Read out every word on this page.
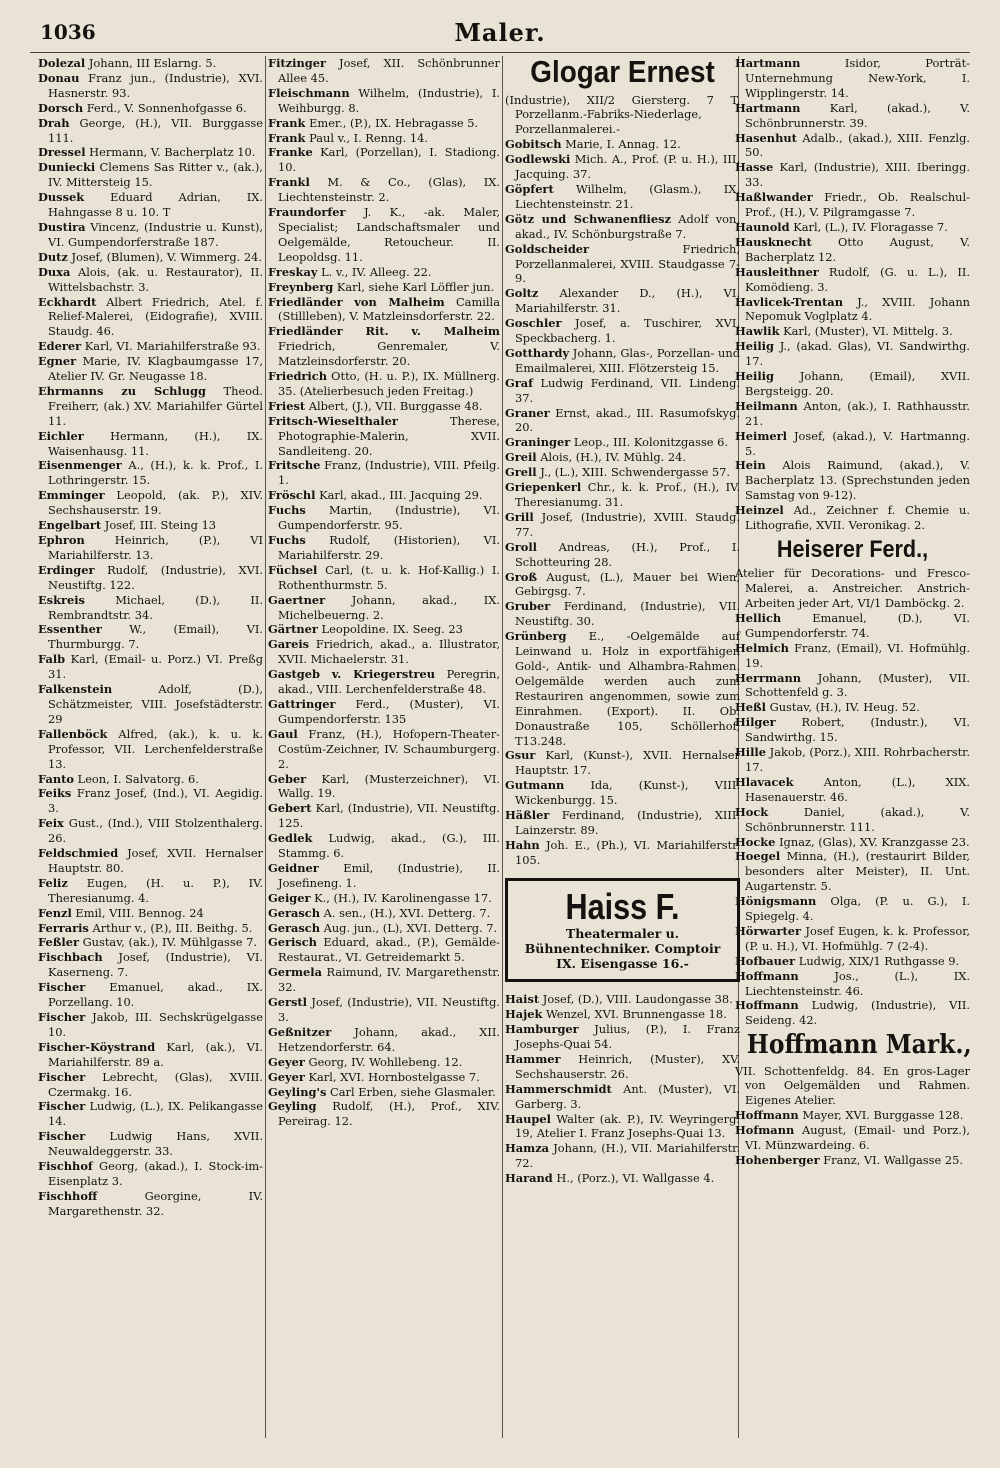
1036	Maler.
Dolezal Johann, III Eslarng. 5.
Donau Franz jun., (Industrie), XVI. Hasnerstr. 93.
Dorsch Ferd., V. Sonnenhofgasse 6.
Drah George, (H.), VII. Burggasse 111.
Dressel Hermann, V. Bacherplatz 10.
Duniecki Clemens Sas Ritter v., (ak.), IV. Mittersteig 15.
Dussek Eduard Adrian, IX. Hahngasse 8 u. 10. T
Dustira Vincenz, (Industrie u. Kunst), VI. Gumpendorferstraße 187.
Dutz Josef, (Blumen), V. Wimmerg. 24.
Duxa Alois, (ak. u. Restaurator), II. Wittelsbachstr. 3.
Eckhardt Albert Friedrich, Atel. f. Relief-Malerei, (Eidografie), XVIII. Staudg. 46.
Ederer Karl, VI. Mariahilferstraße 93.
Egner Marie, IV. Klagbaumgasse 17, Atelier IV. Gr. Neugasse 18.
Ehrmanns zu Schlugg Theod. Freiherr, (ak.) XV. Mariahilfer Gürtel 11.
Eichler Hermann, (H.), IX. Waisenhausg. 11.
Eisenmenger A., (H.), k. k. Prof., I. Lothringerstr. 15.
Emminger Leopold, (ak. P.), XIV. Sechshauserstr. 19.
Engelbart Josef, III. Steing 13
Ephron	Heinrich, (P.), VI Mariahilferstr. 13.
Erdinger Rudolf, (Industrie), XVI. Neustiftg. 122.
Eskreis	Michael, (D.), II. Rembrandtstr. 34.
Essenther W., (Email), VI. Thurmburgg. 7.
Falb Karl, (Email- u. Porz.) VI. Preßg 31.
Falkenstein	Adolf, (D.), Schätzmeister, VIII. Josefstädterstr. 29
Fallenböck Alfred, (ak.), k. u. k. Professor, VII. Lerchenfelderstraße 13.
Fanto Leon, I. Salvatorg. 6.
Feiks Franz Josef, (Ind.), VI. Aegidig. 3.
Feix Gust., (Ind.), VIII Stolzenthalerg. 26.
Feldschmied Josef, XVII. Hernalser Hauptstr. 80.
Feliz Eugen, (H. u. P.), IV. Theresianumg. 4.
Fenzl Emil, VIII. Bennog. 24
Ferraris Arthur v., (P.), III. Beithg. 5.
Feßler Gustav, (ak.), IV. Mühlgasse 7.
Fischbach Josef, (Industrie), VI. Kaserneng. 7.
Fischer Emanuel, akad., IX. Porzellang. 10.
Fischer Jakob, III. Sechskrügelgasse 10.
Fischer-Köystrand Karl, (ak.), VI. Mariahilferstr. 89 a.
Fischer Lebrecht, (Glas), XVIII. Czermakg. 16.
Fischer Ludwig, (L.), IX. Pelikangasse 14.
Fischer Ludwig Hans, XVII. Neuwaldeggerstr. 33.
Fischhof Georg, (akad.), I. Stock-im-Eisenplatz 3.
Fischhoff	Georgine, IV. Margarethenstr. 32.
Fitzinger Josef, XII. Schönbrunner Allee 45.
Fleischmann Wilhelm, (Industrie), I. Weihburgg. 8.
Frank Emer., (P.), IX. Hebragasse 5.
Frank Paul v., I. Renng. 14.
Franke Karl, (Porzellan), I. Stadiong. 10.
Frankl M. & Co., (Glas), IX. Liechtensteinstr. 2.
Fraundorfer J. K., -ak. Maler, Specialist; Landschaftsmaler und Oelgemälde, Retoucheur. II. Leopoldsg. 11.
Freskay L. v., IV. Alleeg. 22.
Freynberg Karl, siehe Karl Löffler jun.
Friedländer von Malheim Camilla (Stillleben), V. Matzleinsdorferstr. 22.
Friedländer Rit. v. Malheim Friedrich, Genremaler, V. Matzleinsdorferstr. 20.
Friedrich Otto, (H. u. P.), IX. Müllnerg. 35. (Atelierbesuch jeden Freitag.)
Friest Albert, (J.), VII. Burggasse 48.
Fritsch-Wieselthaler	Therese, Photographie-Malerin, XVII. Sandleiteng. 20.
Fritsche Franz, (Industrie), VIII. Pfeilg. 1.
Fröschl Karl, akad., III. Jacquing 29.
Fuchs Martin, (Industrie), VI. Gumpendorferstr. 95.
Fuchs Rudolf, (Historien), VI. Mariahilferstr. 29.
Füchsel Carl, (t. u. k. Hof-Kallig.) I. Rothenthurmstr. 5.
Gaertner Johann, akad., IX. Michelbeuerng. 2.
Gärtner Leopoldine. IX. Seeg. 23
Gareis Friedrich, akad., a. Illustrator, XVII. Michaelerstr. 31.
Gastgeb v. Kriegerstreu Peregrin, akad., VIII. Lerchenfelderstraße 48.
Gattringer Ferd., (Muster), VI. Gumpendorferstr. 135
Gaul Franz, (H.), Hofopern-Theater-Costüm-Zeichner, IV. Schaumburgerg. 2.
Geber Karl, (Musterzeichner), VI. Wallg. 19.
Gebert Karl, (Industrie), VII. Neustiftg. 125.
Gedlek Ludwig, akad., (G.), III. Stammg. 6.
Geidner Emil, (Industrie), II. Josefineng. 1.
Geiger K., (H.), IV. Karolinengasse 17.
Gerasch A. sen., (H.), XVI. Detterg. 7.
Gerasch Aug. jun., (L), XVI. Detterg. 7.
Gerisch Eduard, akad., (P.), Gemälde-Restaurat., VI. Getreidemarkt 5.
Germela Raimund, IV. Margarethenstr. 32.
Gerstl Josef, (Industrie), VII. Neustiftg. 3.
Geßnitzer Johann, akad., XII. Hetzendorferstr. 64.
Geyer Georg, IV. Wohllebeng. 12.
Geyer Karl, XVI. Hornbostelgasse 7.
Geyling's Carl Erben, siehe Glasmaler.
Geyling Rudolf, (H.), Prof., XIV. Pereirag. 12.
Glogar Ernest
(Industrie), XII/2 Giersterg. 7 T, Porzellanm.-Fabriks-Niederlage, Porzellanmalerei.-
Gobitsch Marie, I. Annag. 12.
Godlewski Mich. A., Prof. (P. u. H.), III. Jacquing. 37.
Göpfert Wilhelm, (Glasm.), IX. Liechtensteinstr. 21.
Götz und Schwanenfliesz Adolf von, akad., IV. Schönburgstraße 7.
Goldscheider	Friedrich, Porzellanmalerei, XVIII. Staudgasse 7-9.
Goltz Alexander D., (H.), VI. Mariahilferstr. 31.
Goschler Josef, a. Tuschirer, XVI. Speckbacherg. 1.
Gotthardy Johann, Glas-, Porzellan- und Emailmalerei, XIII. Flötzersteig 15.
Graf Ludwig Ferdinand, VII. Lindeng. 37.
Graner Ernst, akad., III. Rasumofskyg. 20.
Graninger Leop., III. Kolonitzgasse 6.
Greil Alois, (H.), IV. Mühlg. 24.
Grell J., (L.), XIII. Schwendergasse 57.
Griepenkerl Chr., k. k. Prof., (H.), IV. Theresianumg. 31.
Grill Josef, (Industrie), XVIII. Staudg. 77.
Groll Andreas, (H.), Prof., I. Schotteuring 28.
Groß August, (L.), Mauer bei Wien, Gebirgsg. 7.
Gruber Ferdinand, (Industrie), VII. Neustiftg. 30.
Grünberg E., -Oelgemälde auf Leinwand u. Holz in exportfähigen Gold-, Antik- und Alhambra-Rahmen. Oelgemälde werden auch zum Restauriren angenommen, sowie zum Einrahmen. (Export). II. Ob. Donaustraße 105, Schöllerhof, T13.248.
Gsur Karl, (Kunst-), XVII. Hernalser Hauptstr. 17.
Gutmann Ida, (Kunst-), VIII. Wickenburgg. 15.
Häßler Ferdinand, (Industrie), XIII. Lainzerstr. 89.
Hahn Joh. E., (Ph.), VI. Mariahilferstr. 105.
Haiss F.
Theatermaler u. Bühnentechniker. Comptoir IX. Eisengasse 16.-
Haist Josef, (D.), VIII. Laudongasse 38.
Hajek Wenzel, XVI. Brunnengasse 18.
Hamburger Julius, (P.), I. Franz Josephs-Quai 54.
Hammer Heinrich, (Muster), XV. Sechshauserstr. 26.
Hammerschmidt Ant. (Muster), VI. Garberg. 3.
Haupel Walter (ak. P.), IV. Weyringerg. 19, Atelier I. Franz Josephs-Quai 13.
Hamza Johann, (H.), VII. Mariahilferstr. 72.
Harand H., (Porz.), VI. Wallgasse 4.
Hartmann	Isidor, Porträt-Unternehmung New-York, I. Wipplingerstr. 14.
Hartmann	Karl, (akad.), V. Schönbrunnerstr. 39.
Hasenhut Adalb., (akad.), XIII. Fenzlg. 50.
Hasse Karl, (Industrie), XIII. Iberingg. 33.
Haßlwander Friedr., Ob. Realschul-Prof., (H.), V. Pilgramgasse 7.
Haunold Karl, (L.), IV. Floragasse 7.
Hausknecht Otto August, V. Bacherplatz 12.
Hausleithner Rudolf, (G. u. L.), II. Komödieng. 3.
Havlicek-Trentan J., XVIII. Johann Nepomuk Voglplatz 4.
Hawlik Karl, (Muster), VI. Mittelg. 3.
Heilig J., (akad. Glas), VI. Sandwirthg. 17.
Heilig Johann, (Email), XVII. Bergsteigg. 20.
Heilmann Anton, (ak.), I. Rathhausstr. 21.
Heimerl Josef, (akad.), V. Hartmanng. 5.
Hein Alois Raimund, (akad.), V. Bacherplatz 13. (Sprechstunden jeden Samstag von 9-12).
Heinzel Ad., Zeichner f. Chemie u. Lithografie, XVII. Veronikag. 2.
Heiserer Ferd.,
Atelier für Decorations- und Fresco-Malerei, a. Anstreicher. Anstrich-Arbeiten jeder Art, VI/1 Damböckg. 2.
Hellich	Emanuel, (D.), VI. Gumpendorferstr. 74.
Helmich Franz, (Email), VI. Hofmühlg. 19.
Herrmann Johann, (Muster), VII. Schottenfeld g. 3.
Heßl Gustav, (H.), IV. Heug. 52.
Hilger Robert, (Industr.), VI. Sandwirthg. 15.
Hille Jakob, (Porz.), XIII. Rohrbacherstr. 17.
Hlavacek	Anton, (L.), XIX. Hasenauerstr. 46.
Hock	Daniel, (akad.), V. Schönbrunnerstr. 111.
Hocke Ignaz, (Glas), XV. Kranzgasse 23.
Hoegel Minna, (H.), (restaurirt Bilder, besonders alter Meister), II. Unt. Augartenstr. 5.
Hönigsmann Olga, (P. u. G.), I. Spiegelg. 4.
Hörwarter Josef Eugen, k. k. Professor, (P. u. H.), VI. Hofmühlg. 7 (2-4).
Hofbauer Ludwig, XIX/1 Ruthgasse 9.
Hoffmann	Jos., (L.), IX. Liechtensteinstr. 46.
Hoffmann Ludwig, (Industrie), VII. Seideng. 42.
Hoffmann Mark.,
VII. Schottenfeldg. 84. En gros-Lager von Oelgemälden und Rahmen. Eigenes Atelier.
Hoffmann Mayer, XVI. Burggasse 128.
Hofmann August, (Email- und Porz.), VI. Münzwardeing. 6.
Hohenberger Franz, VI. Wallgasse 25.
